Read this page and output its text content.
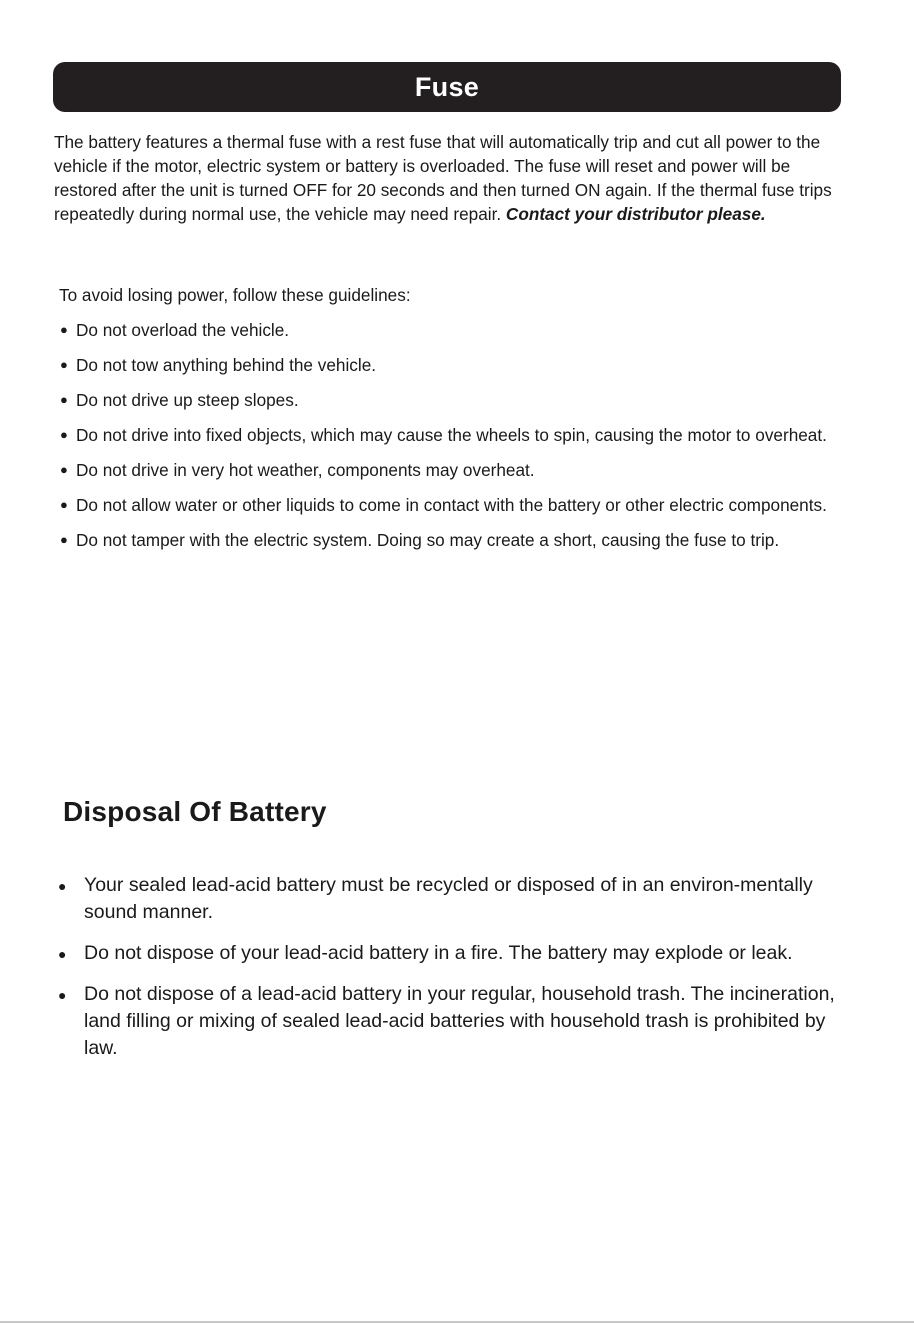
Fuse

The battery features a thermal fuse with a rest fuse that will automatically trip and cut all power to the vehicle if the motor, electric system or battery is overloaded. The fuse will reset and power will be restored after the unit is turned OFF for 20 seconds and then turned ON again. If the thermal fuse trips repeatedly during normal use, the vehicle may need repair. Contact your distributor please.

To avoid losing power, follow these guidelines:

● Do not overload the vehicle.
● Do not tow anything behind the vehicle.
● Do not drive up steep slopes.
● Do not drive into fixed objects, which may cause the wheels to spin, causing the motor to overheat.
● Do not drive in very hot weather, components may overheat.
● Do not allow water or other liquids to come in contact with the battery or other electric components.
● Do not tamper with the electric system. Doing so may create a short, causing the fuse to trip.
Disposal Of Battery
● Your sealed lead-acid battery must be recycled or disposed of in an environ-mentally sound manner.
● Do not dispose of your lead-acid battery in a fire. The battery may explode or leak.
● Do not dispose of a lead-acid battery in your regular, household trash. The incineration, land filling or mixing of sealed lead-acid batteries with household trash is prohibited by law.
